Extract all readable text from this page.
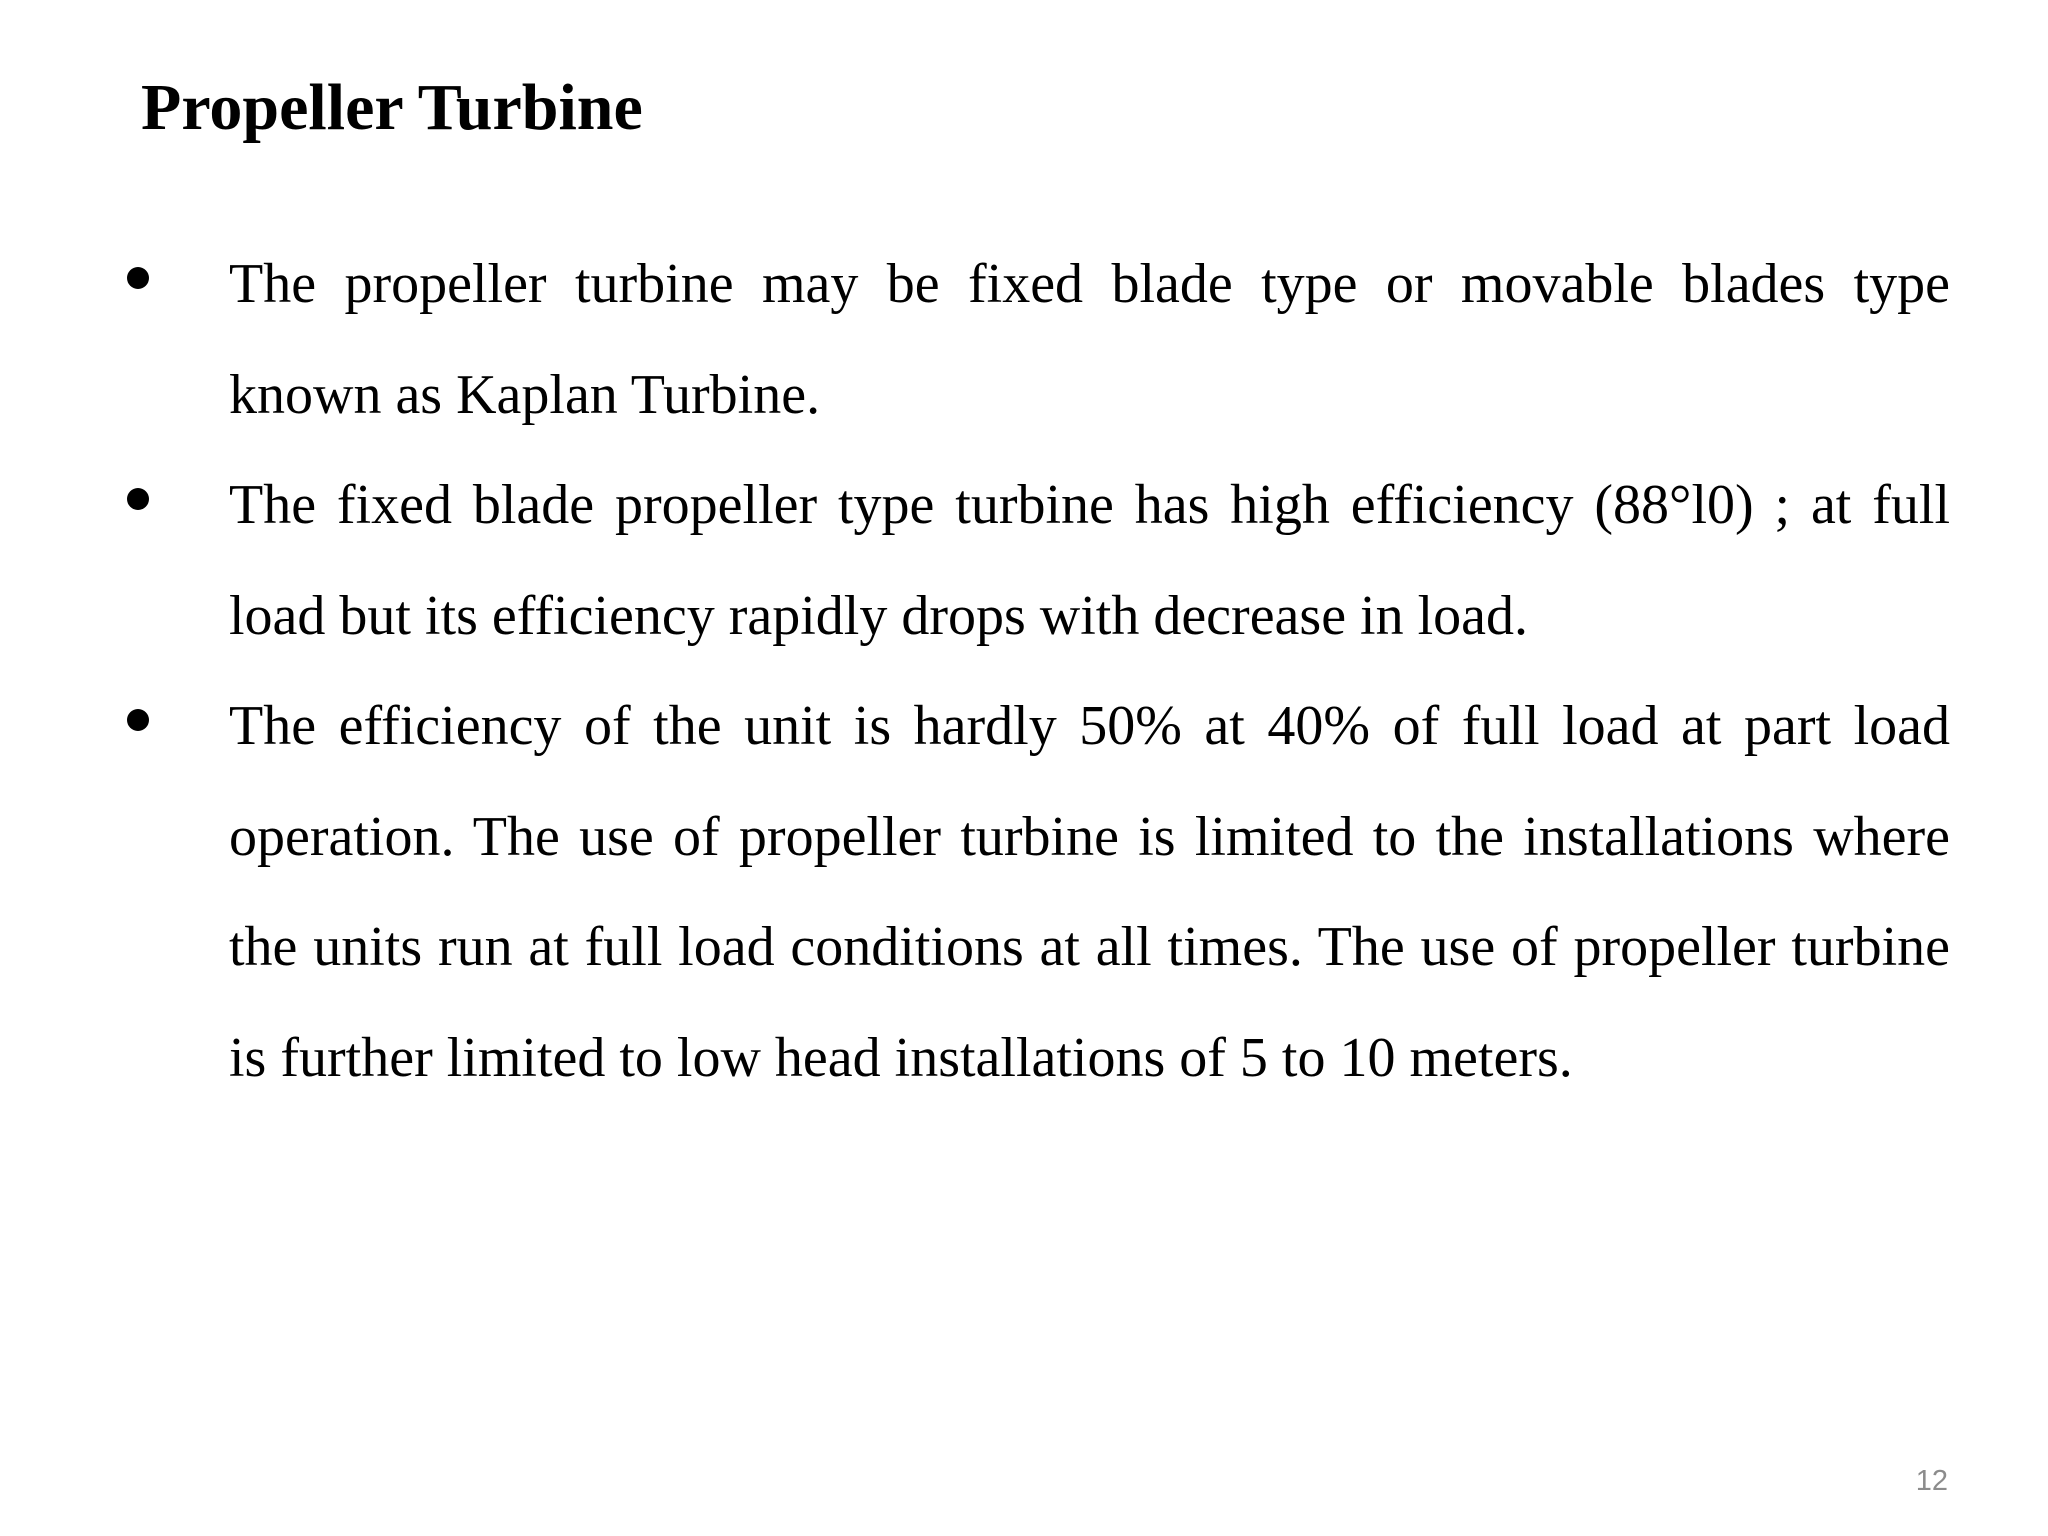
Propeller Turbine
The propeller turbine may be fixed blade type or movable blades type known as Kaplan Turbine.
The fixed blade propeller type turbine has high efficiency (88°l0) ; at full load but its efficiency rapidly drops with decrease in load.
The efficiency of the unit is hardly 50% at 40% of full load at part load operation. The use of propeller turbine is limited to the installations where the units run at full load conditions at all times. The use of propeller turbine is further limited to low head installations of 5 to 10 meters.
12
